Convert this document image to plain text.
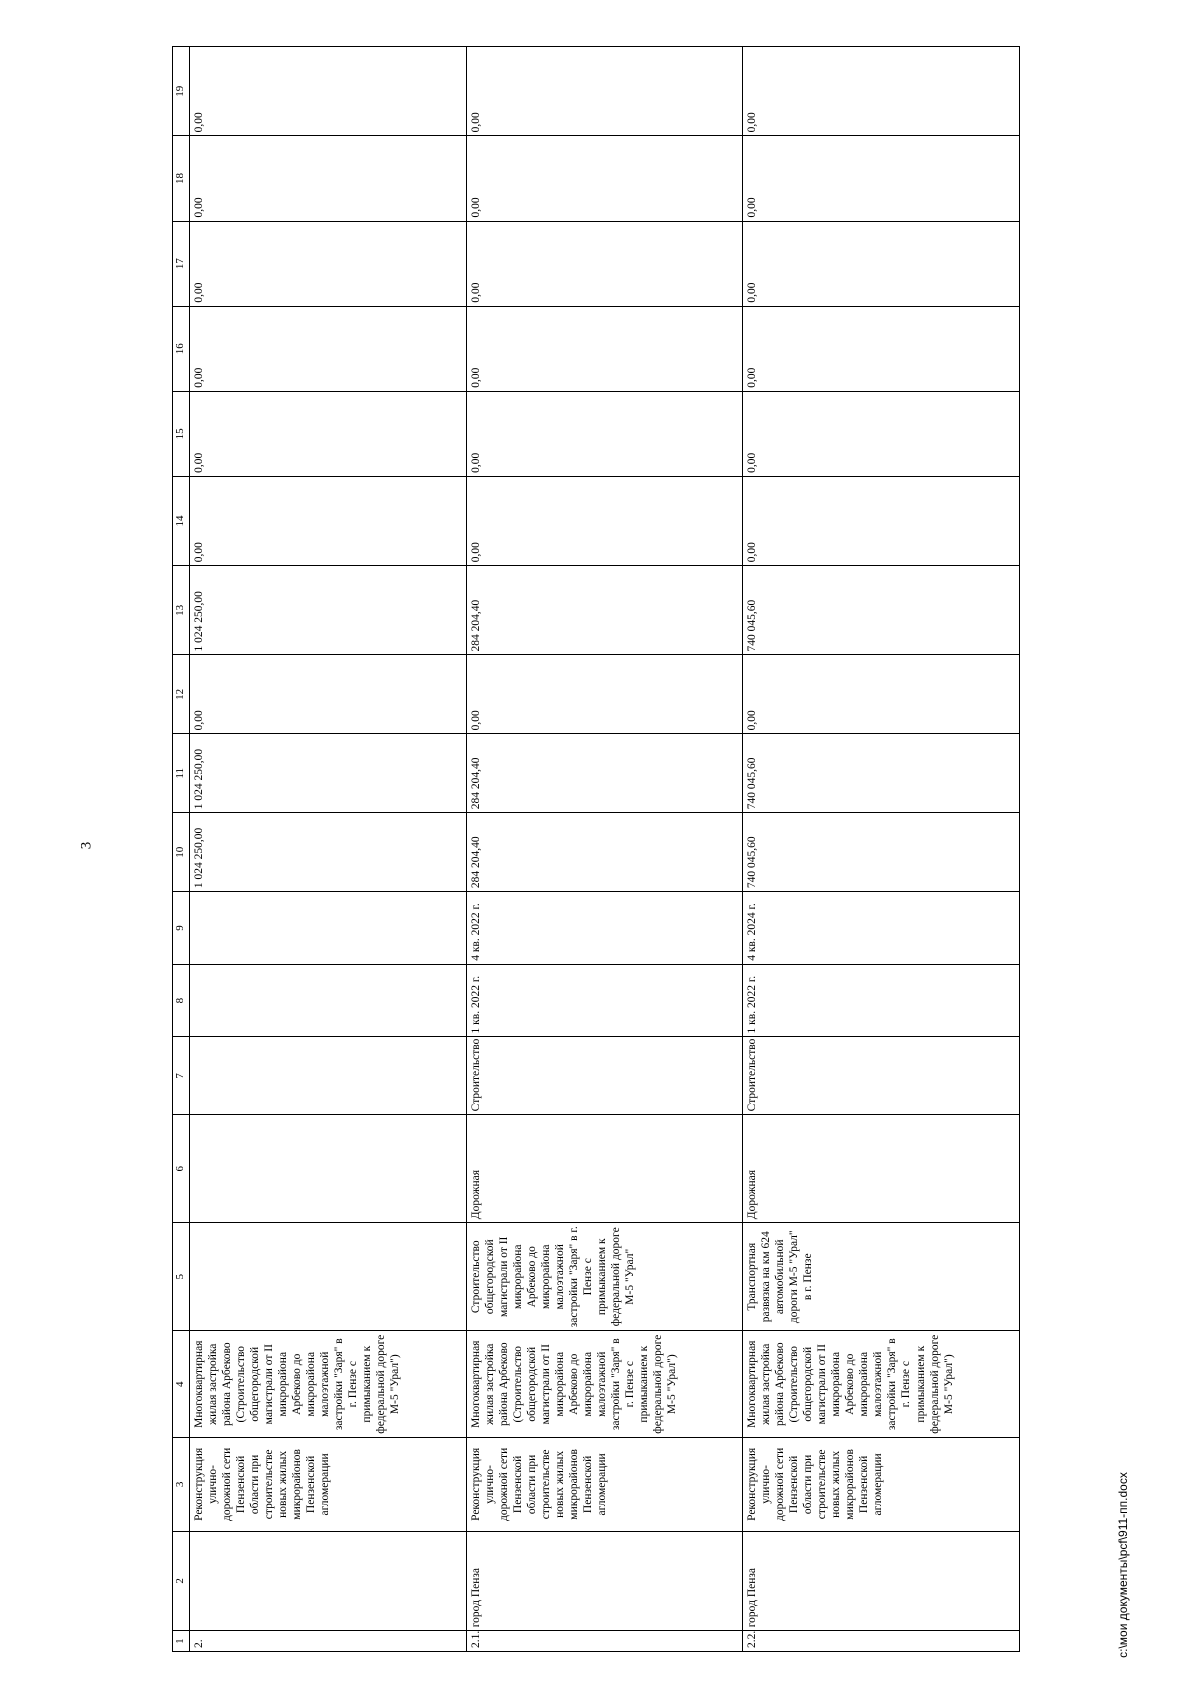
3
1	2	3	4	5	6	7	8	9	10	11	12	13	14	15	16	17	18	19
2.		Реконструкция улично-дорожной сети Пензенской области при строительстве новых жилых микрорайонов Пензенской агломерации	Многоквартирная жилая застройка района Арбеково (Строительство общегородской магистрали от II микрорайона Арбеково до микрорайона малоэтажной застройки "Заря" в г. Пензе с примыканием к федеральной дороге М-5 "Урал")						1 024 250,00	1 024 250,00	0,00	1 024 250,00	0,00	0,00	0,00	0,00	0,00	0,00
2.1.	город Пенза	Реконструкция улично-дорожной сети Пензенской области при строительстве новых жилых микрорайонов Пензенской агломерации	Многоквартирная жилая застройка района Арбеково (Строительство общегородской магистрали от II микрорайона Арбеково до микрорайона малоэтажной застройки "Заря" в г. Пензе с примыканием к федеральной дороге М-5 "Урал")	Строительство общегородской магистрали от II микрорайона Арбеково до микрорайона малоэтажной застройки "Заря" в г. Пензе с примыканием к федеральной дороге М-5 "Урал"	Дорожная	Строительство	1 кв. 2022 г.	4 кв. 2022 г.	284 204,40	284 204,40	0,00	284 204,40	0,00	0,00	0,00	0,00	0,00	0,00
2.2.	город Пенза	Реконструкция улично-дорожной сети Пензенской области при строительстве новых жилых микрорайонов Пензенской агломерации	Многоквартирная жилая застройка района Арбеково (Строительство общегородской магистрали от II микрорайона Арбеково до микрорайона малоэтажной застройки "Заря" в г. Пензе с примыканием к федеральной дороге М-5 "Урал")	Транспортная развязка на км 624 автомобильной дороги М-5 "Урал" в г. Пензе	Дорожная	Строительство	1 кв. 2022 г.	4 кв. 2024 г.	740 045,60	740 045,60	0,00	740 045,60	0,00	0,00	0,00	0,00	0,00	0,00
c:\мои документы\pcf\911-пп.docx
